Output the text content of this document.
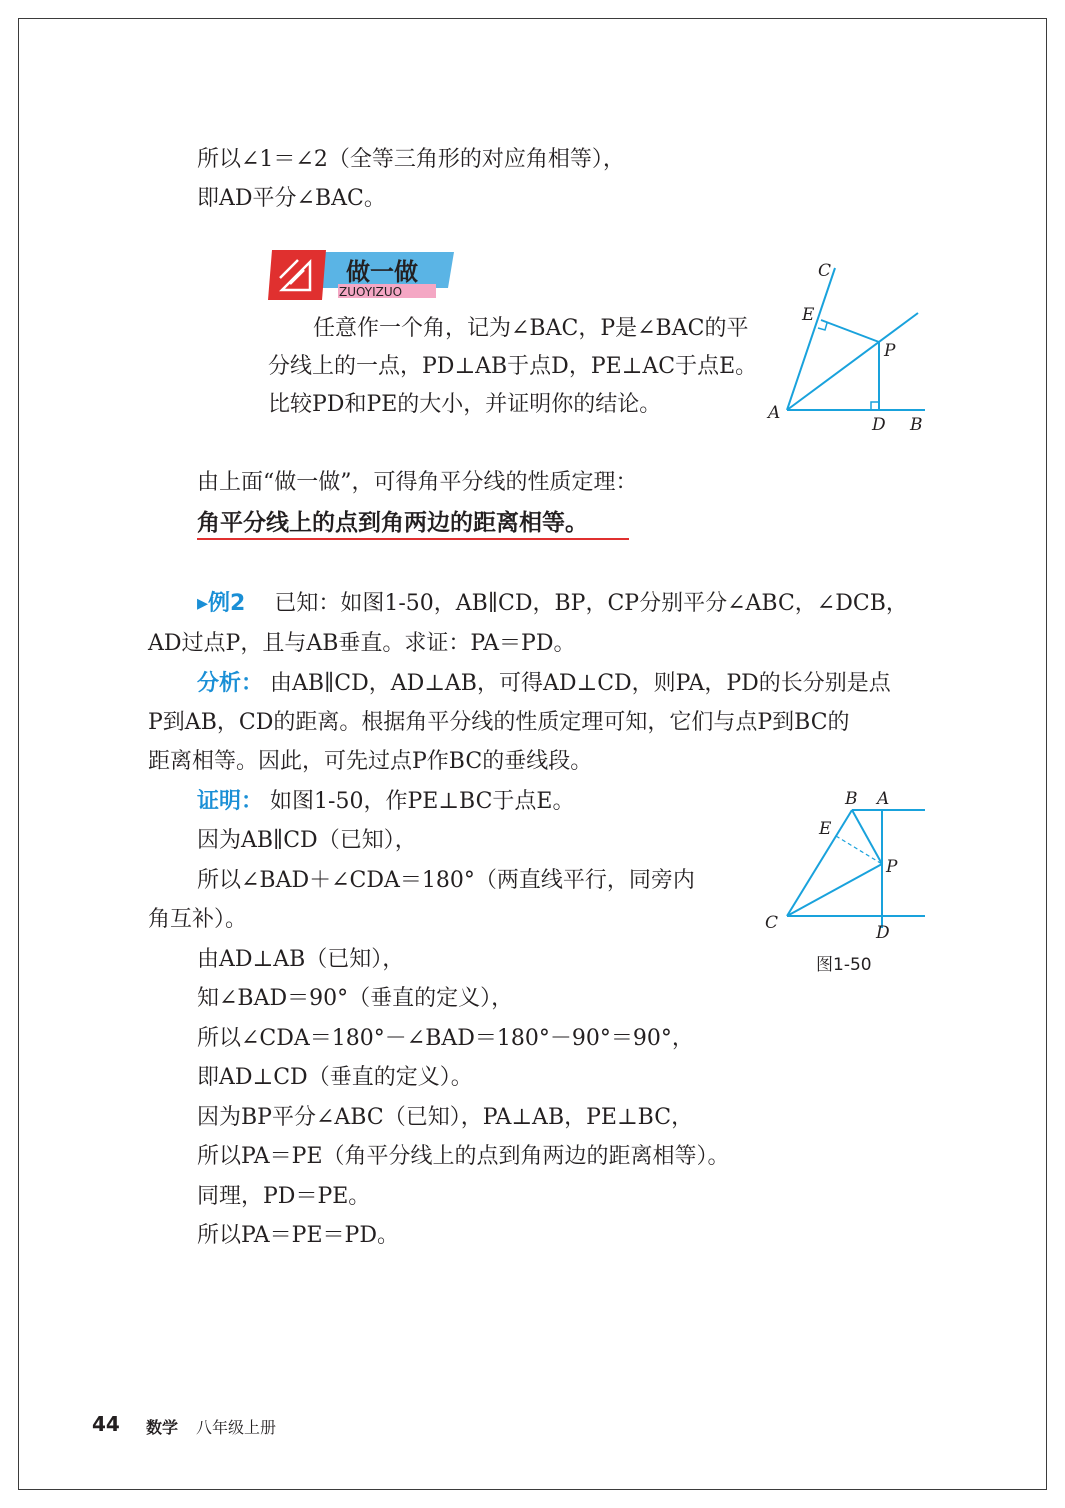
所以∠1＝∠2（全等三角形的对应角相等），
即AD平分∠BAC。
做一做
ZUOYIZUO
任意作一个角，记为∠BAC，P是∠BAC的平
分线上的一点，PD⊥AB于点D，PE⊥AC于点E。
比较PD和PE的大小，并证明你的结论。
C
E
P
A
D B
由上面“做一做”，可得角平分线的性质定理：
角平分线上的点到角两边的距离相等。
▸例2 已知：如图1-50，AB∥CD，BP，CP分别平分∠ABC，∠DCB，
AD过点P，且与AB垂直。求证：PA＝PD。
分析： 由AB∥CD，AD⊥AB，可得AD⊥CD，则PA，PD的长分别是点
P到AB，CD的距离。根据角平分线的性质定理可知，它们与点P到BC的
距离相等。因此，可先过点P作BC的垂线段。
证明： 如图1-50，作PE⊥BC于点E。
因为AB∥CD（已知），
所以∠BAD＋∠CDA＝180°（两直线平行，同旁内
角互补）。
由AD⊥AB（已知），
知∠BAD＝90°（垂直的定义），
所以∠CDA＝180°－∠BAD＝180°－90°＝90°，
即AD⊥CD（垂直的定义）。
因为BP平分∠ABC（已知），PA⊥AB，PE⊥BC，
所以PA＝PE（角平分线上的点到角两边的距离相等）。
同理，PD＝PE。
所以PA＝PE＝PD。
B A
E
P
C	D
图1-50
44 数学 八年级上册
